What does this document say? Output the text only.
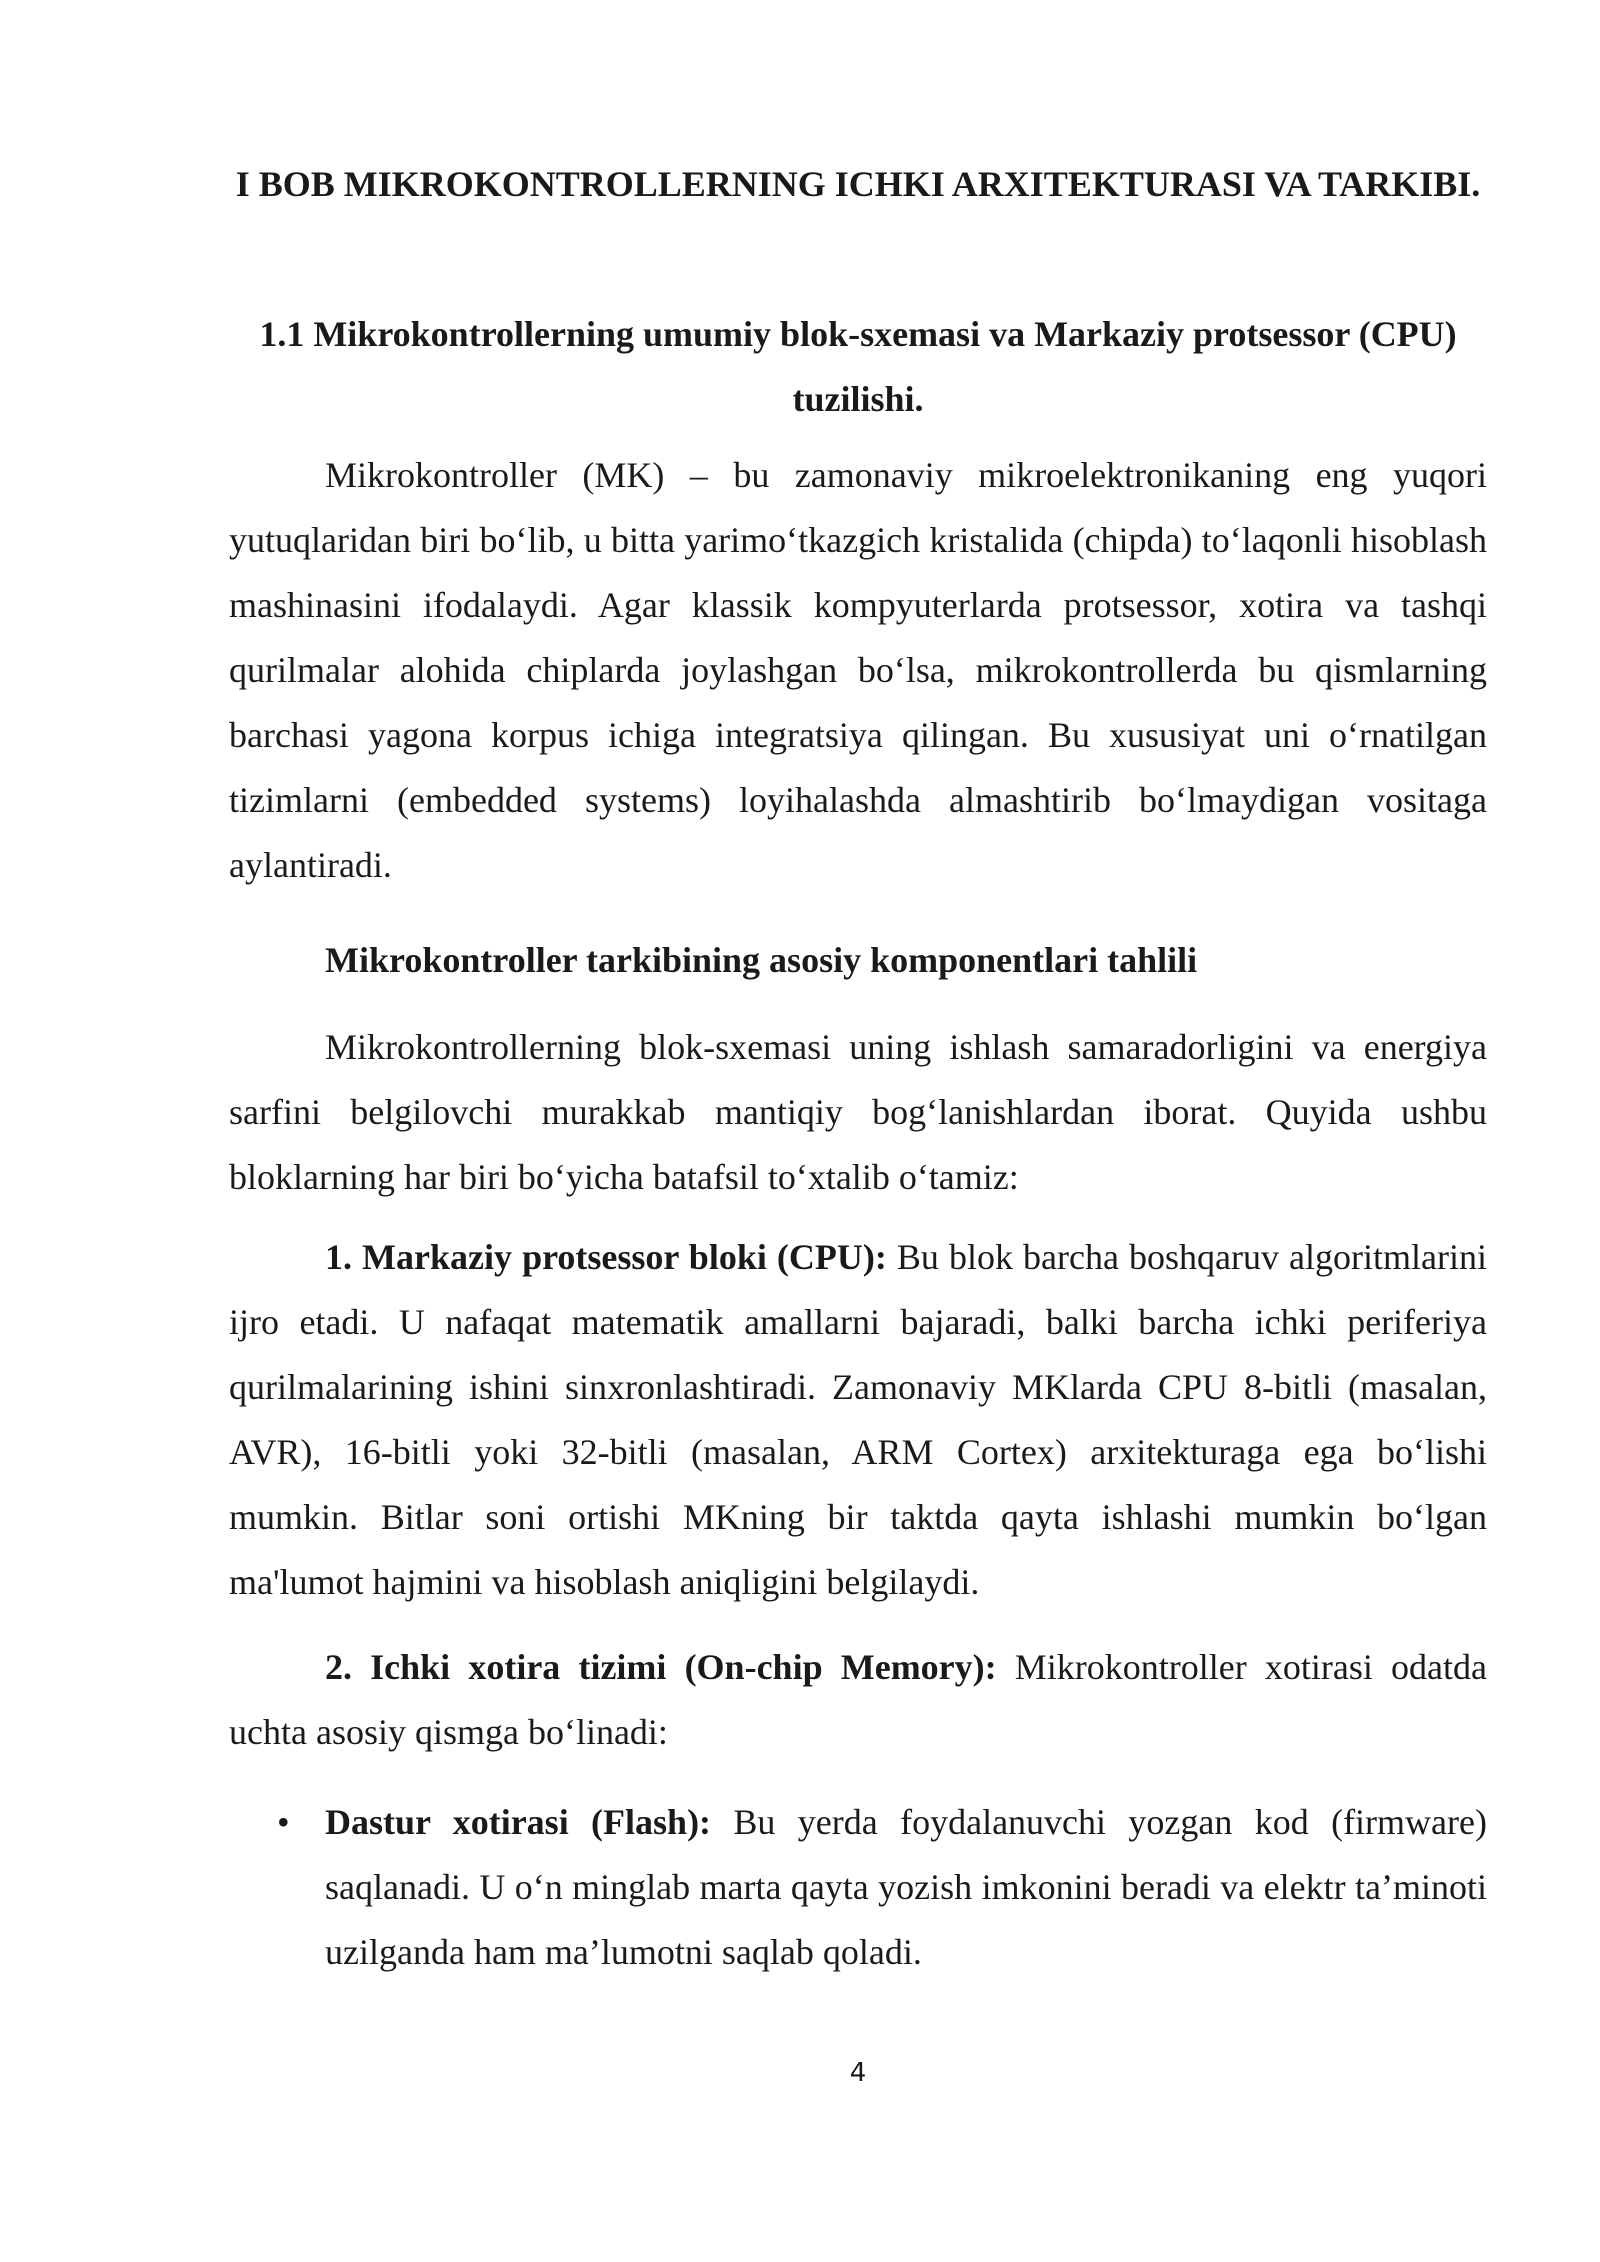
I BOB MIKROKONTROLLERNING ICHKI ARXITEKTURASI VA TARKIBI.
1.1 Mikrokontrollerning umumiy blok-sxemasi va Markaziy protsessor (CPU) tuzilishi.

Mikrokontroller (MK) – bu zamonaviy mikroelektronikaning eng yuqori yutuqlaridan biri bo‘lib, u bitta yarimo‘tkazgich kristalida (chipda) to‘laqonli hisoblash mashinasini ifodalaydi. Agar klassik kompyuterlarda protsessor, xotira va tashqi qurilmalar alohida chiplarda joylashgan bo‘lsa, mikrokontrollerda bu qismlarning barchasi yagona korpus ichiga integratsiya qilingan. Bu xususiyat uni o‘rnatilgan tizimlarni (embedded systems) loyihalashda almashtirib bo‘lmaydigan vositaga aylantiradi.

Mikrokontroller tarkibining asosiy komponentlari tahlili

Mikrokontrollerning blok-sxemasi uning ishlash samaradorligini va energiya sarfini belgilovchi murakkab mantiqiy bog‘lanishlardan iborat. Quyida ushbu bloklarning har biri bo‘yicha batafsil to‘xtalib o‘tamiz:

1. Markaziy protsessor bloki (CPU): Bu blok barcha boshqaruv algoritmlarini ijro etadi. U nafaqat matematik amallarni bajaradi, balki barcha ichki periferiya qurilmalarining ishini sinxronlashtiradi. Zamonaviy MKlarda CPU 8-bitli (masalan, AVR), 16-bitli yoki 32-bitli (masalan, ARM Cortex) arxitekturaga ega bo‘lishi mumkin. Bitlar soni ortishi MKning bir taktda qayta ishlashi mumkin bo‘lgan ma'lumot hajmini va hisoblash aniqligini belgilaydi.

2. Ichki xotira tizimi (On-chip Memory): Mikrokontroller xotirasi odatda uchta asosiy qismga bo‘linadi:

• Dastur xotirasi (Flash): Bu yerda foydalanuvchi yozgan kod (firmware) saqlanadi. U o‘n minglab marta qayta yozish imkonini beradi va elektr ta’minoti uzilganda ham ma’lumotni saqlab qoladi.
4
